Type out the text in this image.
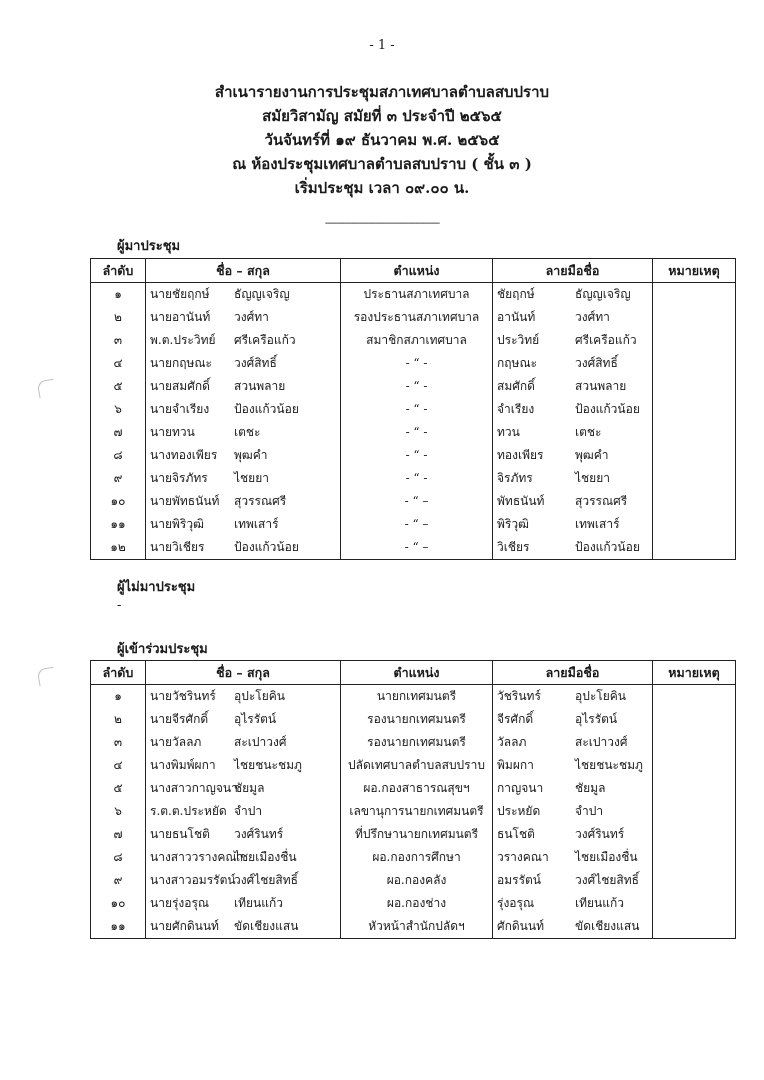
- 1 -
สำเนารายงานการประชุมสภาเทศบาลตำบลสบปราบ
สมัยวิสามัญ สมัยที่ ๓ ประจำปี ๒๕๖๕
วันจันทร์ที่ ๑๙ ธันวาคม พ.ศ. ๒๕๖๕
ณ ห้องประชุมเทศบาลตำบลสบปราบ ( ชั้น ๓ )
เริ่มประชุม เวลา ๐๙.๐๐ น.
------------------------------------------------
ผู้มาประชุม
ลำดับ	ชื่อ – สกุล	ตำแหน่ง	ลายมือชื่อ	หมายเหตุ
๑	นายชัยฤกษ์ ธัญญเจริญ	ประธานสภาเทศบาล	ชัยฤกษ์ ธัญญเจริญ	
๒	นายอานันท์ วงศ์ทา	รองประธานสภาเทศบาล	อานันท์ วงศ์ทา	
๓	พ.ต.ประวิทย์ ศรีเครือแก้ว	สมาชิกสภาเทศบาล	ประวิทย์ ศรีเครือแก้ว	
๔	นายกฤษณะ วงศ์สิทธิ์	- “ -	กฤษณะ วงศ์สิทธิ์	
๕	นายสมศักดิ์ สวนพลาย	- “ -	สมศักดิ์ สวนพลาย	
๖	นายจำเรียง ป้องแก้วน้อย	- “ -	จำเรียง ป้องแก้วน้อย	
๗	นายทวน เตชะ	- “ -	ทวน เตชะ	
๘	นางทองเพียร พุฒคำ	- “ -	ทองเพียร พุฒคำ	
๙	นายจิรภัทร ไชยยา	- “ -	จิรภัทร ไชยยา	
๑๐	นายพัทธนันท์ สุวรรณศรี	- “ –	พัทธนันท์ สุวรรณศรี	
๑๑	นายพิริวุฒิ เทพเสาร์	- “ –	พิริวุฒิ เทพเสาร์	
๑๒	นายวิเชียร ป้องแก้วน้อย	- “ –	วิเชียร ป้องแก้วน้อย	
ผู้ไม่มาประชุม
-
ผู้เข้าร่วมประชุม
ลำดับ	ชื่อ – สกุล	ตำแหน่ง	ลายมือชื่อ	หมายเหตุ
๑	นายวัชรินทร์ อุปะโยคิน	นายกเทศมนตรี	วัชรินทร์ อุปะโยคิน	
๒	นายจีรศักดิ์ อุไรรัตน์	รองนายกเทศมนตรี	จีรศักดิ์ อุไรรัตน์	
๓	นายวัลลภ สะเปาวงศ์	รองนายกเทศมนตรี	วัลลภ สะเปาวงศ์	
๔	นางพิมพ์ผกา ไชยชนะชมภู	ปลัดเทศบาลตำบลสบปราบ	พิมผกา ไชยชนะชมภู	
๕	นางสาวกาญจนาชัยมูล	ผอ.กองสาธารณสุขฯ	กาญจนา ชัยมูล	
๖	ร.ต.ต.ประหยัด จำปา	เลขานุการนายกเทศมนตรี	ประหยัด จำปา	
๗	นายธนโชติ วงศ์รินทร์	ที่ปรึกษานายกเทศมนตรี	ธนโชติ วงศ์รินทร์	
๘	นางสาววรางคณาไชยเมืองชื่น	ผอ.กองการศึกษา	วรางคณา ไชยเมืองชื่น	
๙	นางสาวอมรรัตน์วงศ์ไชยสิทธิ์	ผอ.กองคลัง	อมรรัตน์ วงศ์ไชยสิทธิ์	
๑๐	นายรุ่งอรุณ เทียนแก้ว	ผอ.กองช่าง	รุ่งอรุณ เทียนแก้ว	
๑๑	นายศักดินนท์ ขัดเชียงแสน	หัวหน้าสำนักปลัดฯ	ศักดินนท์ ขัดเชียงแสน	
